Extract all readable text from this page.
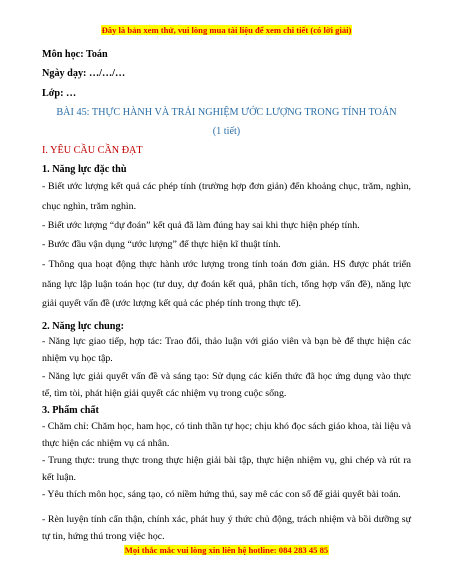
Đây là bản xem thử, vui lòng mua tài liệu để xem chi tiết (có lời giải)
Môn học: Toán
Ngày dạy: …/…/…
Lớp: …
BÀI 45: THỰC HÀNH VÀ TRẢI NGHIỆM ƯỚC LƯỢNG TRONG TÍNH TOÁN
(1 tiết)
I. YÊU CẦU CẦN ĐẠT
1. Năng lực đặc thù
- Biết ước lượng kết quả các phép tính (trường hợp đơn giản) đến khoảng chục, trăm, nghìn, chục nghìn, trăm nghìn.
- Biết ước lượng “dự đoán” kết quả đã làm đúng hay sai khi thực hiện phép tính.
- Bước đầu vận dụng “ước lượng” để thực hiện kĩ thuật tính.
- Thông qua hoạt động thực hành ước lượng trong tính toán đơn giản. HS được phát triển năng lực lập luận toán học (tư duy, dự đoán kết quả, phân tích, tổng hợp vấn đề), năng lực giải quyết vấn đề (ước lượng kết quả các phép tính trong thực tế).
2. Năng lực chung:
- Năng lực giao tiếp, hợp tác: Trao đổi, thảo luận với giáo viên và bạn bè để thực hiện các nhiệm vụ học tập.
- Năng lực giải quyết vấn đề và sáng tạo: Sử dụng các kiến thức đã học ứng dụng vào thực tế, tìm tòi, phát hiện giải quyết các nhiệm vụ trong cuộc sống.
3. Phẩm chất
- Chăm chỉ: Chăm học, ham học, có tinh thần tự học; chịu khó đọc sách giáo khoa, tài liệu và thực hiện các nhiệm vụ cá nhân.
- Trung thực: trung thực trong thực hiện giải bài tập, thực hiện nhiệm vụ, ghi chép và rút ra kết luận.
- Yêu thích môn học, sáng tạo, có niềm hứng thú, say mê các con số để giải quyết bài toán.
- Rèn luyện tính cẩn thận, chính xác, phát huy ý thức chủ động, trách nhiệm và bồi dưỡng sự tự tin, hứng thú trong việc học.
Mọi thắc mắc vui lòng xin liên hệ hotline: 084 283 45 85
